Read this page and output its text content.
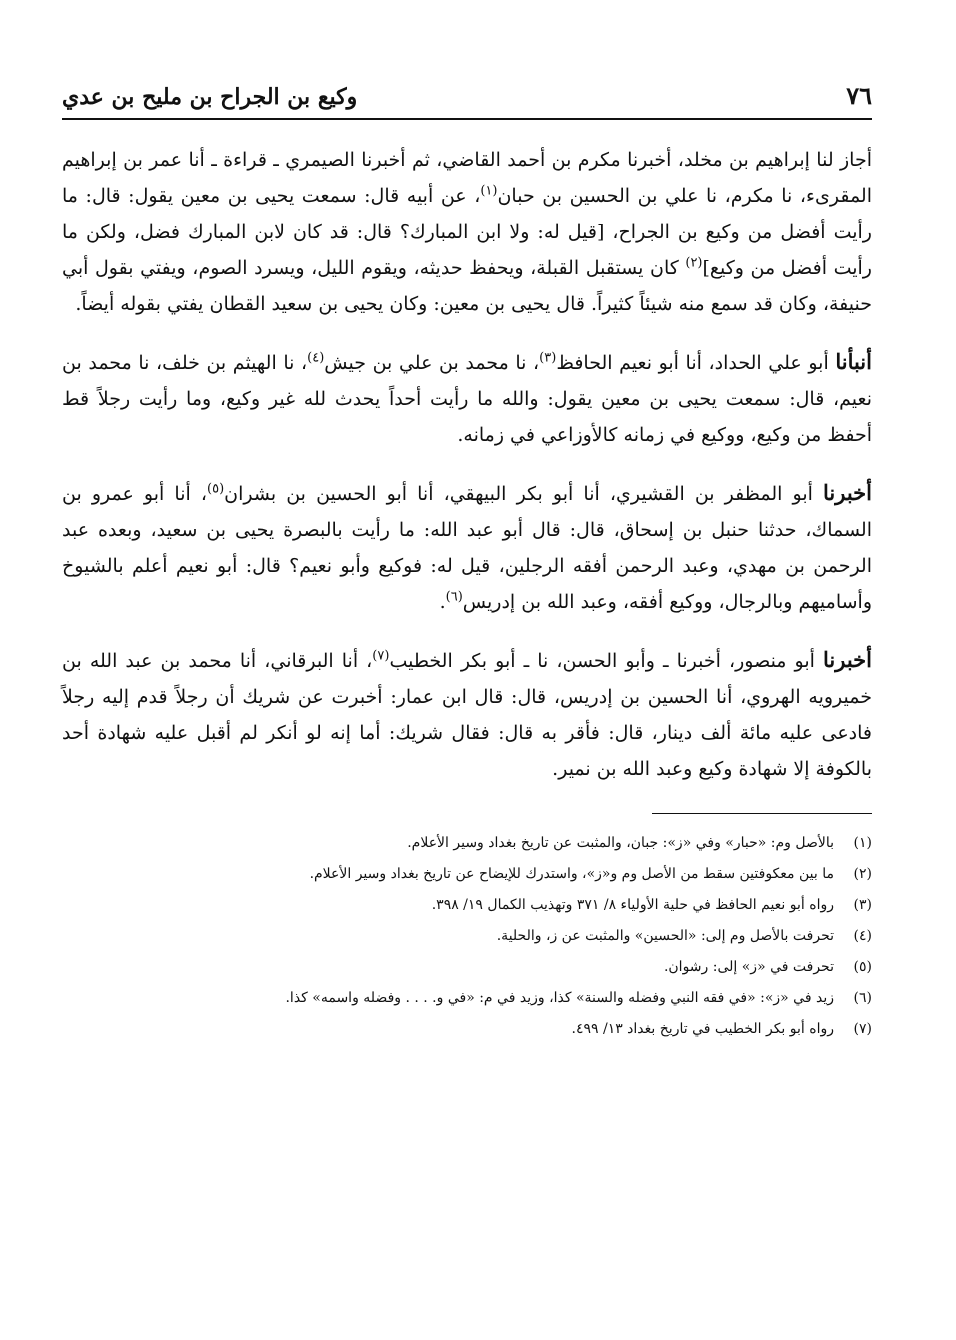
٧٦
وكيع بن الجراح بن مليح بن عدي

أجاز لنا إبراهيم بن مخلد، أخبرنا مكرم بن أحمد القاضي، ثم أخبرنا الصيمري ـ قراءة ـ أنا عمر بن إبراهيم المقرىء، نا مكرم، نا علي بن الحسين بن حبان$^{(١)}$، عن أبيه قال: سمعت يحيى بن معين يقول: قال: ما رأيت أفضل من وكيع بن الجراح، [قيل له: ولا ابن المبارك؟ قال: قد كان لابن المبارك فضل، ولكن ما رأيت أفضل من وكيع]$^{(٢)}$ كان يستقبل القبلة، ويحفظ حديثه، ويقوم الليل، ويسرد الصوم، ويفتي بقول أبي حنيفة، وكان قد سمع منه شيئاً كثيراً. قال يحيى بن معين: وكان يحيى بن سعيد القطان يفتي بقوله أيضاً.

أنبأنا أبو علي الحداد، أنا أبو نعيم الحافظ$^{(٣)}$، نا محمد بن علي بن جيش$^{(٤)}$، نا الهيثم بن خلف، نا محمد بن نعيم، قال: سمعت يحيى بن معين يقول: والله ما رأيت أحداً يحدث لله غير وكيع، وما رأيت رجلاً قط أحفظ من وكيع، ووكيع في زمانه كالأوزاعي في زمانه.

أخبرنا أبو المظفر بن القشيري، أنا أبو بكر البيهقي، أنا أبو الحسين بن بشران$^{(٥)}$، أنا أبو عمرو بن السماك، حدثنا حنبل بن إسحاق، قال: قال أبو عبد الله: ما رأيت بالبصرة يحيى بن سعيد، وبعده عبد الرحمن بن مهدي، وعبد الرحمن أفقه الرجلين، قيل له: فوكيع وأبو نعيم؟ قال: أبو نعيم أعلم بالشيوخ وأساميهم وبالرجال، ووكيع أفقه، وعبد الله بن إدريس$^{(٦)}$.

أخبرنا أبو منصور، أخبرنا ـ وأبو الحسن، نا ـ أبو بكر الخطيب$^{(٧)}$، أنا البرقاني، أنا محمد بن عبد الله بن خميرويه الهروي، أنا الحسين بن إدريس، قال: قال ابن عمار: أخبرت عن شريك أن رجلاً قدم إليه رجلاً فادعى عليه مائة ألف دينار، قال: فأقر به قال: فقال شريك: أما إنه لو أنكر لم أقبل عليه شهادة أحد بالكوفة إلا شهادة وكيع وعبد الله بن نمير.

(١)
بالأصل وم: «حبار» وفي «ز»: جبان، والمثبت عن تاريخ بغداد وسير الأعلام.
(٢)
ما بين معكوفتين سقط من الأصل وم و«ز»، واستدرك للإيضاح عن تاريخ بغداد وسير الأعلام.
(٣)
رواه أبو نعيم الحافظ في حلية الأولياء ٨/ ٣٧١ وتهذيب الكمال ١٩/ ٣٩٨.
(٤)
تحرفت بالأصل وم إلى: «الحسين» والمثبت عن ز، والحلية.
(٥)
تحرفت في «ز» إلى: رشوان.
(٦)
زيد في «ز»: «في فقه النبي وفضله والسنة» كذا، وزيد في م: «في و. . . . وفضله واسمه» كذا.
(٧)
رواه أبو بكر الخطيب في تاريخ بغداد ١٣/ ٤٩٩.
